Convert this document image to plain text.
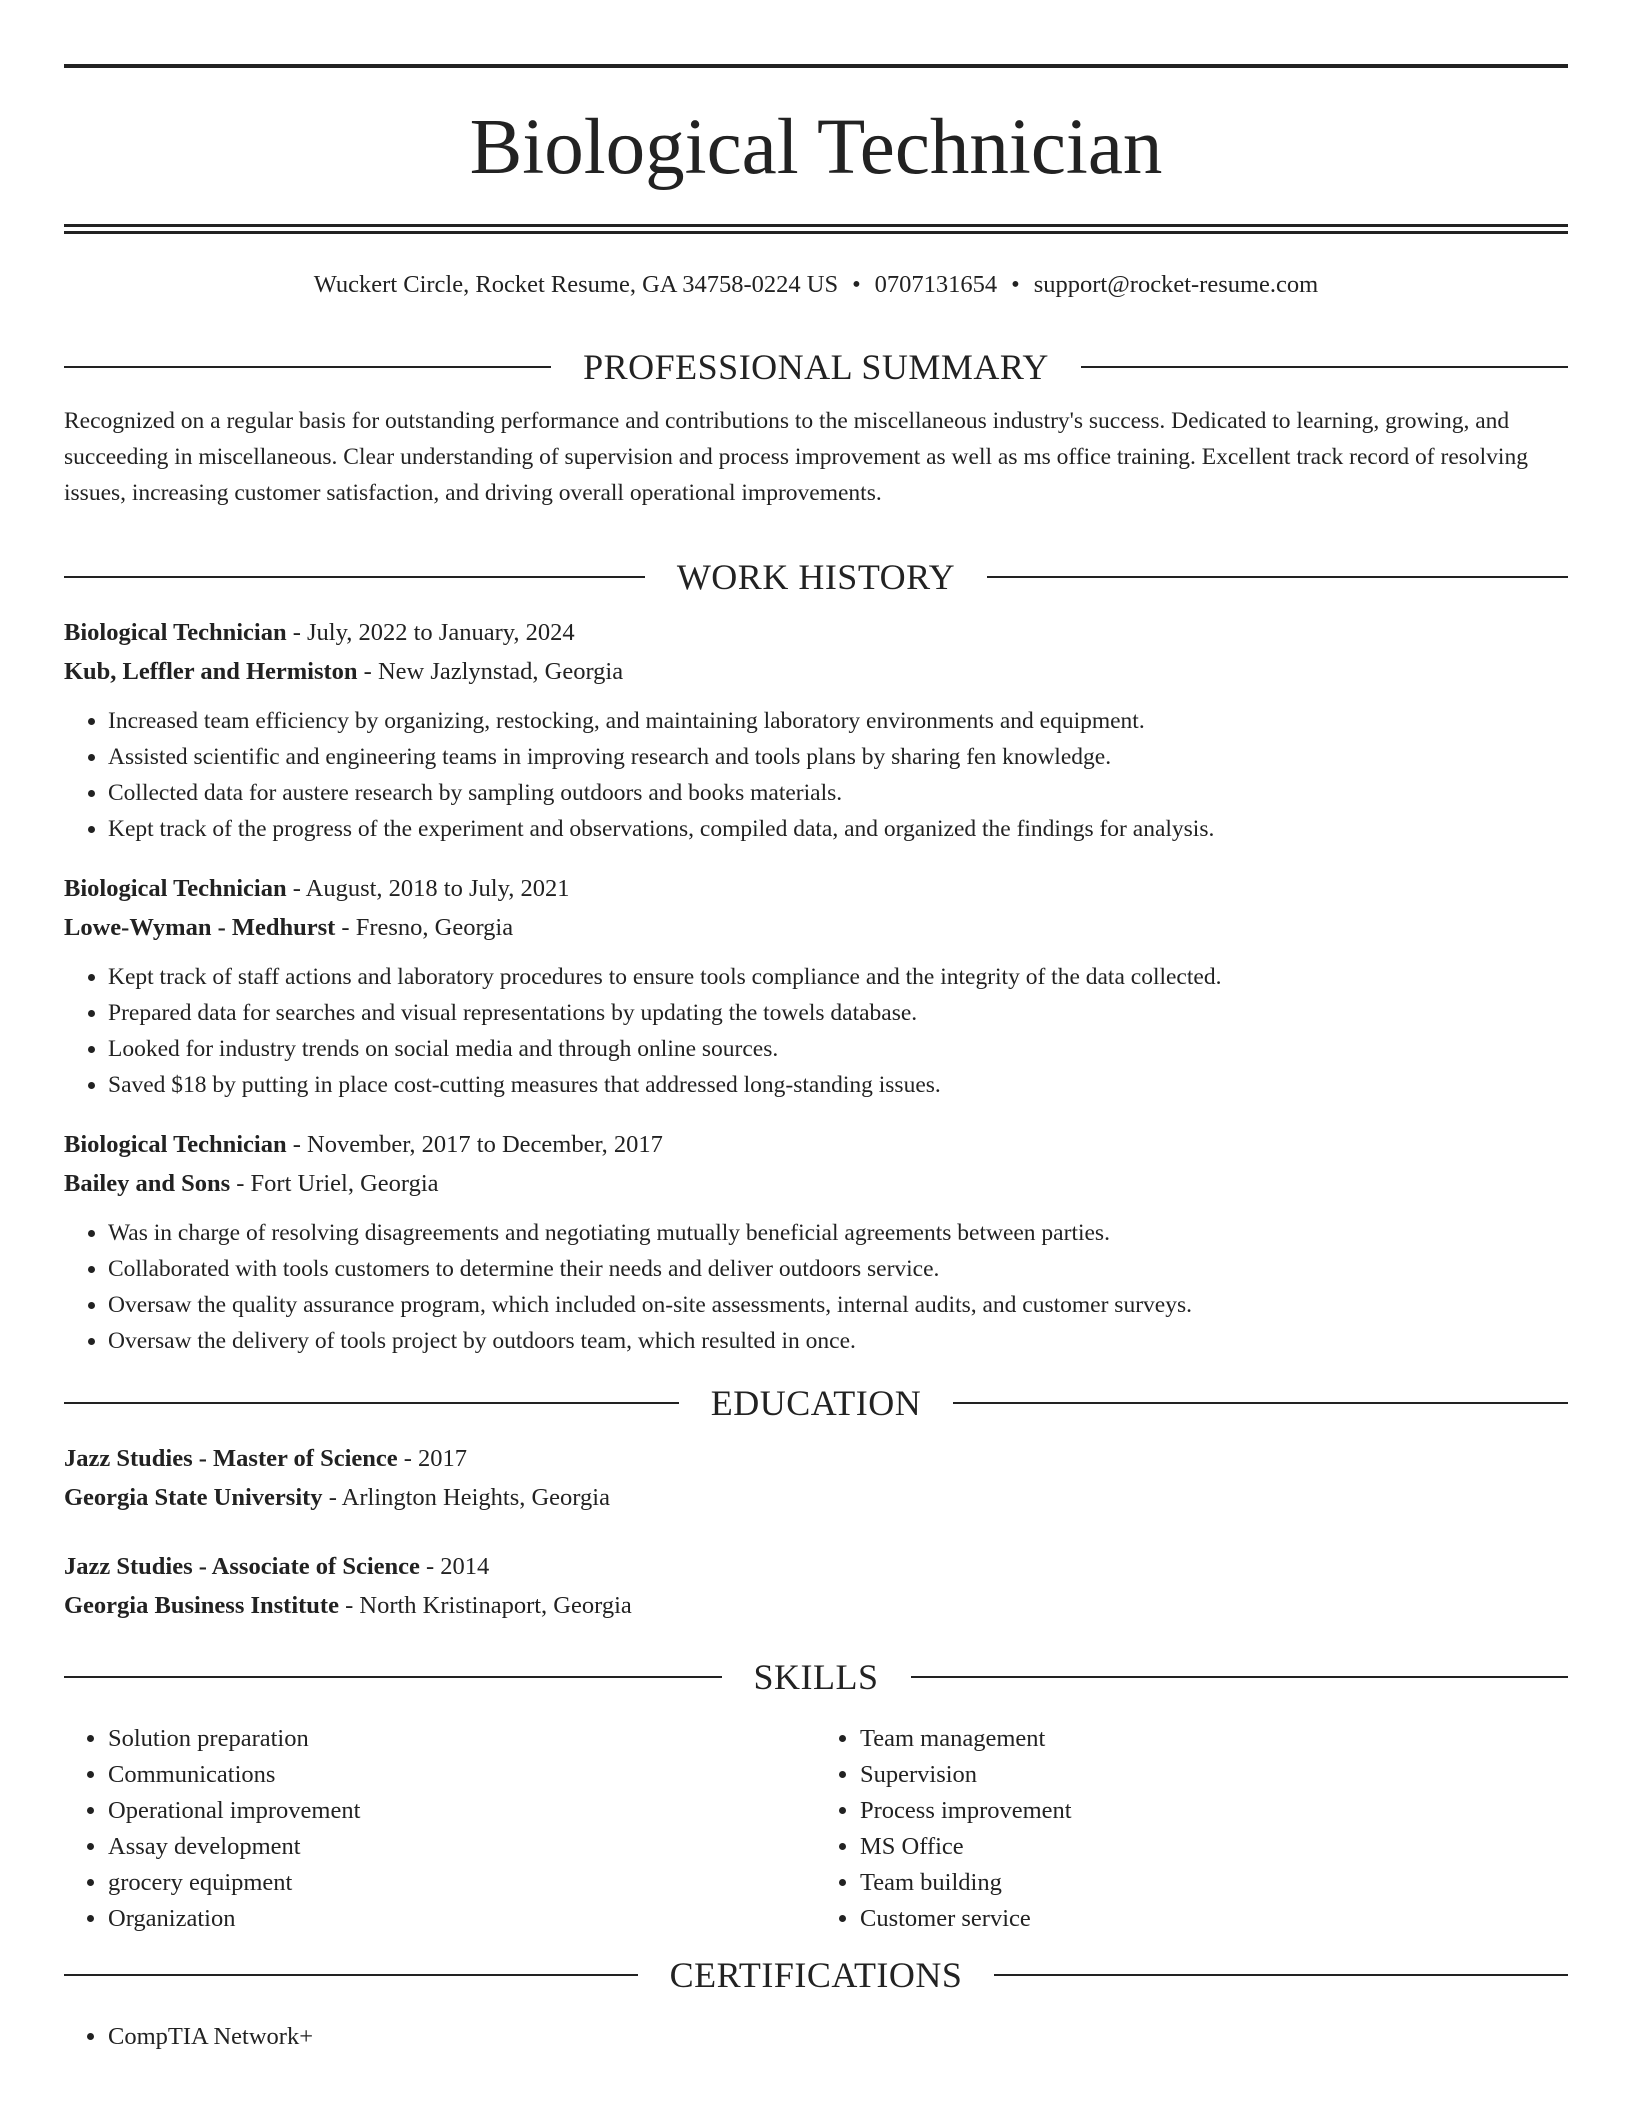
Biological Technician
Wuckert Circle, Rocket Resume, GA 34758-0224 US • 0707131654 • support@rocket-resume.com
PROFESSIONAL SUMMARY

Recognized on a regular basis for outstanding performance and contributions to the miscellaneous industry's success. Dedicated to learning, growing, and succeeding in miscellaneous. Clear understanding of supervision and process improvement as well as ms office training. Excellent track record of resolving issues, increasing customer satisfaction, and driving overall operational improvements.

WORK HISTORY
Biological Technician - July, 2022 to January, 2024
Kub, Leffler and Hermiston - New Jazlynstad, Georgia
• Increased team efficiency by organizing, restocking, and maintaining laboratory environments and equipment.
• Assisted scientific and engineering teams in improving research and tools plans by sharing fen knowledge.
• Collected data for austere research by sampling outdoors and books materials.
• Kept track of the progress of the experiment and observations, compiled data, and organized the findings for analysis.
Biological Technician - August, 2018 to July, 2021
Lowe-Wyman - Medhurst - Fresno, Georgia
• Kept track of staff actions and laboratory procedures to ensure tools compliance and the integrity of the data collected.
• Prepared data for searches and visual representations by updating the towels database.
• Looked for industry trends on social media and through online sources.
• Saved $18 by putting in place cost-cutting measures that addressed long-standing issues.
Biological Technician - November, 2017 to December, 2017
Bailey and Sons - Fort Uriel, Georgia
• Was in charge of resolving disagreements and negotiating mutually beneficial agreements between parties.
• Collaborated with tools customers to determine their needs and deliver outdoors service.
• Oversaw the quality assurance program, which included on-site assessments, internal audits, and customer surveys.
• Oversaw the delivery of tools project by outdoors team, which resulted in once.
EDUCATION
Jazz Studies - Master of Science - 2017
Georgia State University - Arlington Heights, Georgia
Jazz Studies - Associate of Science - 2014
Georgia Business Institute - North Kristinaport, Georgia
SKILLS
• Solution preparation
• Communications
• Operational improvement
• Assay development
• grocery equipment
• Organization
• Team management
• Supervision
• Process improvement
• MS Office
• Team building
• Customer service
CERTIFICATIONS
• CompTIA Network+
